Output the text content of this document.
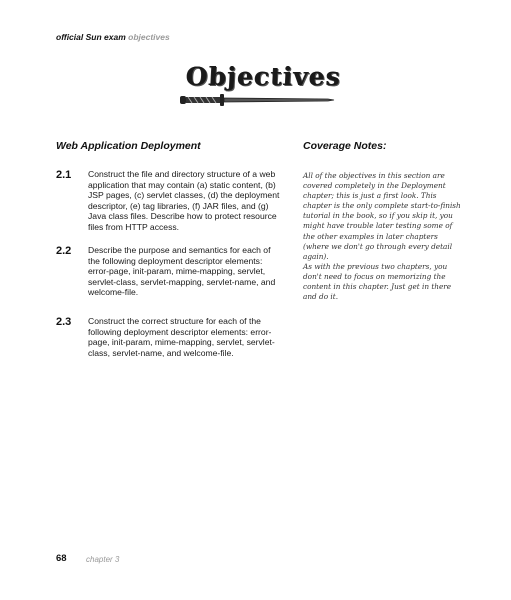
official Sun exam objectives
Objectives
Web Application Deployment	Coverage Notes:
2.1 Construct the file and directory structure of a web application that may contain (a) static content, (b) JSP pages, (c) servlet classes, (d) the deployment descriptor, (e) tag libraries, (f) JAR files, and (g) Java class files. Describe how to protect resource files from HTTP access.
2.2 Describe the purpose and semantics for each of the following deployment descriptor elements: error-page, init-param, mime-mapping, servlet, servlet-class, servlet-mapping, servlet-name, and welcome-file.
2.3 Construct the correct structure for each of the following deployment descriptor elements: error-page, init-param, mime-mapping, servlet, servlet-class, servlet-name, and welcome-file.
All of the objectives in this section are covered completely in the Deployment chapter; this is just a first look. This chapter is the only complete start-to-finish tutorial in the book, so if you skip it, you might have trouble later testing some of the other examples in later chapters (where we don't go through every detail again).
As with the previous two chapters, you don't need to focus on memorizing the content in this chapter. Just get in there and do it.
68 chapter 3
